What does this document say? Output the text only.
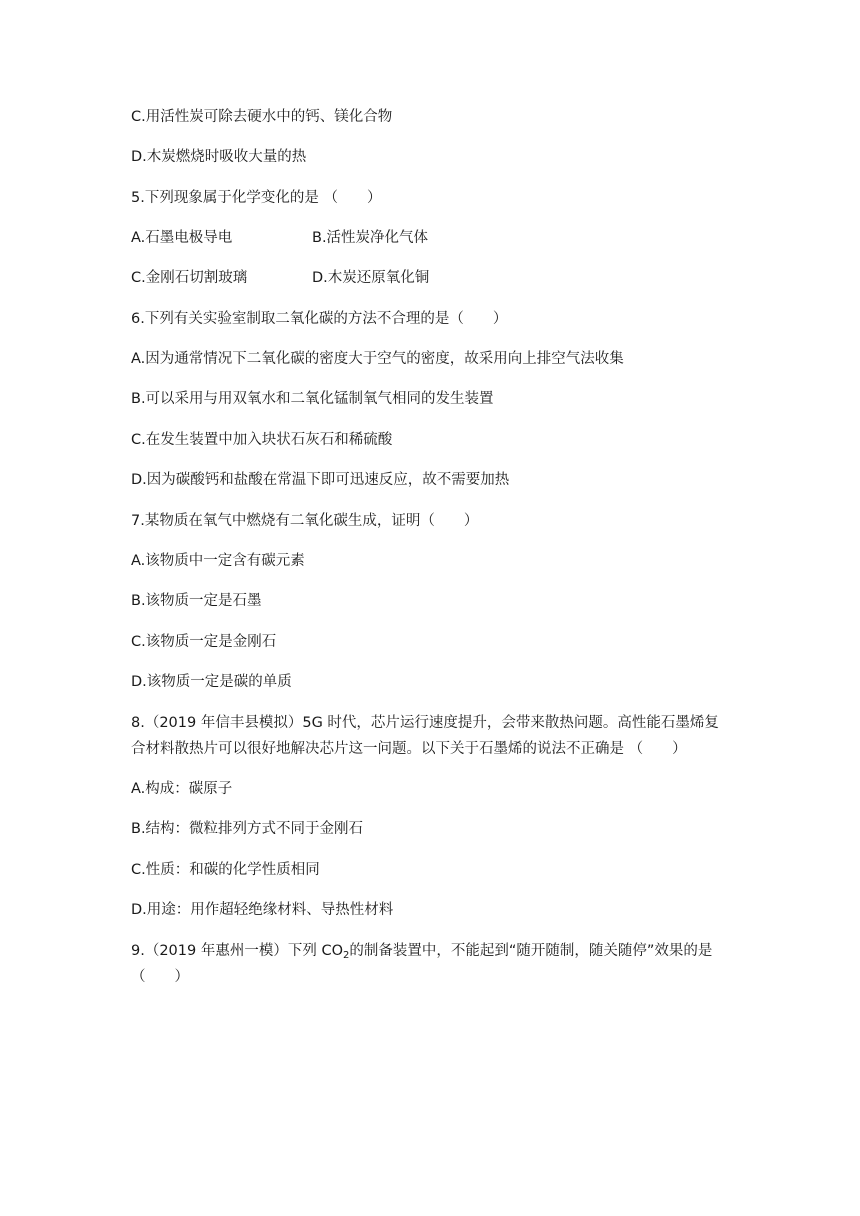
C.用活性炭可除去硬水中的钙、镁化合物
D.木炭燃烧时吸收大量的热
5.下列现象属于化学变化的是 （　　）
A.石墨电极导电	B.活性炭净化气体
C.金刚石切割玻璃	D.木炭还原氧化铜
6.下列有关实验室制取二氧化碳的方法不合理的是（　　）
A.因为通常情况下二氧化碳的密度大于空气的密度，故采用向上排空气法收集
B.可以采用与用双氧水和二氧化锰制氧气相同的发生装置
C.在发生装置中加入块状石灰石和稀硫酸
D.因为碳酸钙和盐酸在常温下即可迅速反应，故不需要加热
7.某物质在氧气中燃烧有二氧化碳生成，证明（　　）
A.该物质中一定含有碳元素
B.该物质一定是石墨
C.该物质一定是金刚石
D.该物质一定是碳的单质
8.（2019 年信丰县模拟）5G 时代，芯片运行速度提升，会带来散热问题。高性能石墨烯复
合材料散热片可以很好地解决芯片这一问题。以下关于石墨烯的说法不正确是 （　　）
A.构成：碳原子
B.结构：微粒排列方式不同于金刚石
C.性质：和碳的化学性质相同
D.用途：用作超轻绝缘材料、导热性材料
9.（2019 年惠州一模）下列 $CO_2$的制备装置中，不能起到“随开随制，随关随停”效果的是
（　　）
